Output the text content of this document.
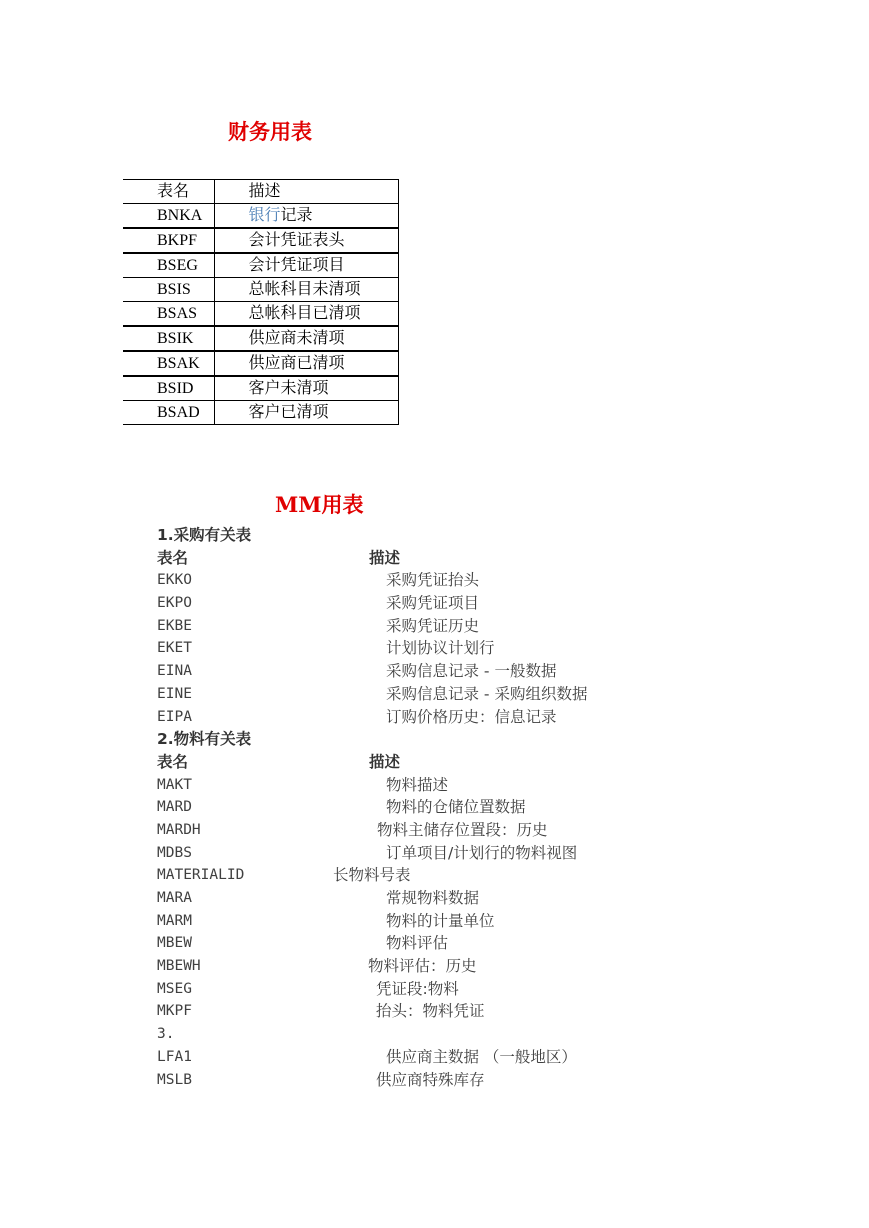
财务用表
表名	描述
BNKA	银行记录
BKPF	会计凭证表头
BSEG	会计凭证项目
BSIS	总帐科目未清项
BSAS	总帐科目已清项
BSIK	供应商未清项
BSAK	供应商已清项
BSID	客户未清项
BSAD	客户已清项
MM用表
1.采购有关表
表名	描述
EKKO	采购凭证抬头
EKPO	采购凭证项目
EKBE	采购凭证历史
EKET	计划协议计划行
EINA	采购信息记录 - 一般数据
EINE	采购信息记录 - 采购组织数据
EIPA	订购价格历史：信息记录
2.物料有关表
表名	描述
MAKT	物料描述
MARD	物料的仓储位置数据
MARDH	物料主储存位置段：历史
MDBS	订单项目/计划行的物料视图
MATERIALID	长物料号表
MARA	常规物料数据
MARM	物料的计量单位
MBEW	物料评估
MBEWH	物料评估：历史
MSEG	凭证段:物料
MKPF	抬头：物料凭证
3.
LFA1	供应商主数据 （一般地区）
MSLB	供应商特殊库存
